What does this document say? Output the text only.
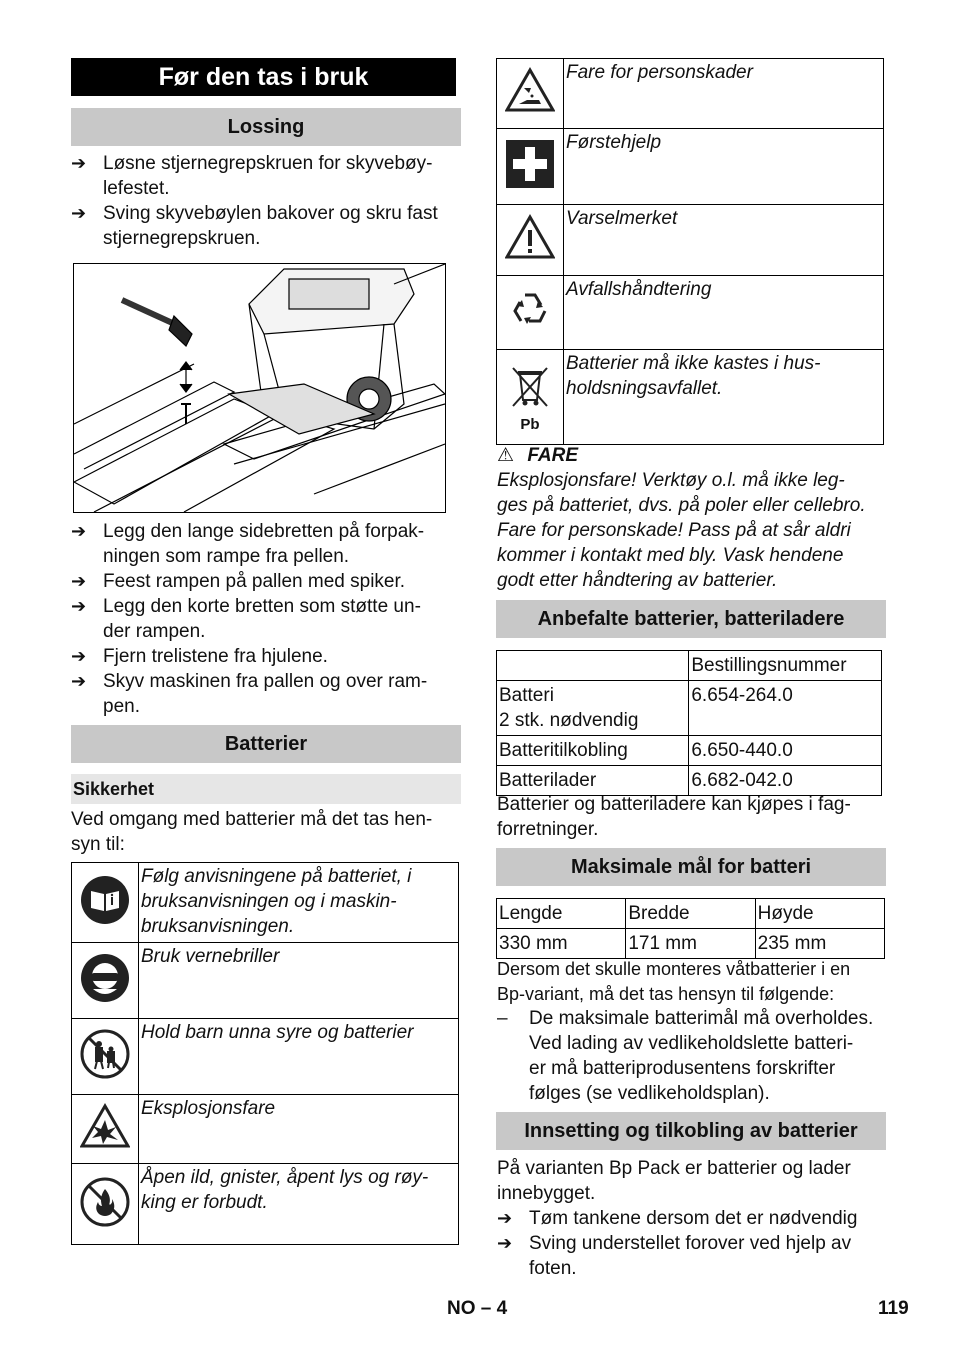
Før den tas i bruk
Lossing
➔ Løsne stjernegrepskruen for skyvebøy-
lefestet.
➔ Sving skyvebøylen bakover og skru fast
stjernegrepskruen.
➔ Legg den lange sidebretten på forpak-
ningen som rampe fra pellen.
➔ Feest rampen på pallen med spiker.
➔ Legg den korte bretten som støtte un-
der rampen.
➔ Fjern trelistene fra hjulene.
➔ Skyv maskinen fra pallen og over ram-
pen.
Batterier
Sikkerhet
Ved omgang med batterier må det tas hen-
syn til:
	Følg anvisningene på batteriet, i
bruksanvisningen og i maskin-
bruksanvisningen.

	Bruk vernebriller

	Hold barn unna syre og batterier

	Eksplosjonsfare

	Åpen ild, gnister, åpent lys og røy-
king er forbudt.
	Fare for personskader

	Førstehjelp

	Varselmerket

	Avfallshåndtering

Pb	Batterier må ikke kastes i hus-
holdsningsavfallet.
⚠ FARE
Eksplosjonsfare! Verktøy o.l. må ikke leg-
ges på batteriet, dvs. på poler eller cellebro.
Fare for personskade! Pass på at sår aldri
kommer i kontakt med bly. Vask hendene
godt etter håndtering av batterier.
Anbefalte batterier, batteriladere
	Bestillingsnummer
Batteri
2 stk. nødvendig	6.654-264.0
Batteritilkobling	6.650-440.0
Batterilader	6.682-042.0
Batterier og batteriladere kan kjøpes i fag-
forretninger.
Maksimale mål for batteri
Lengde	Bredde	Høyde
330 mm	171 mm	235 mm
Dersom det skulle monteres våtbatterier i en
Bp-variant, må det tas hensyn til følgende:
–	De maksimale batterimål må overholdes.
Ved lading av vedlikeholdslette batteri-
er må batteriprodusentens forskrifter
følges (se vedlikeholdsplan).
Innsetting og tilkobling av batterier
På varianten Bp Pack er batterier og lader
innebygget.
➔ Tøm tankene dersom det er nødvendig
➔ Sving understellet forover ved hjelp av
foten.
NO – 4	119
